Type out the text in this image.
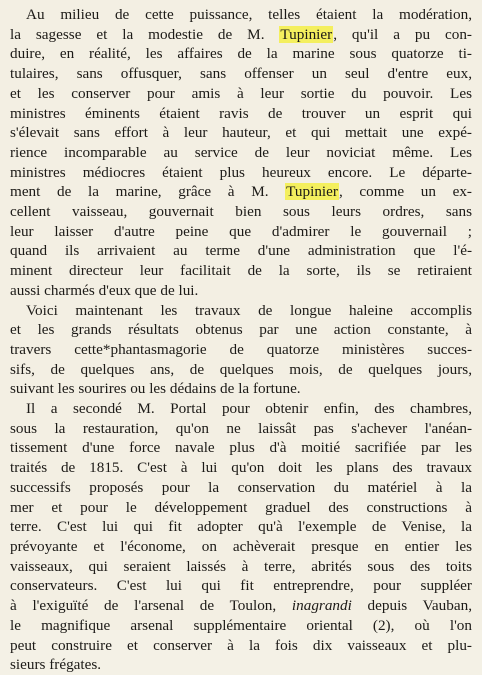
Au milieu de cette puissance, telles étaient la modération,
la sagesse et la modestie de M. Tupinier, qu'il a pu con-
duire, en réalité, les affaires de la marine sous quatorze ti-
tulaires, sans offusquer, sans offenser un seul d'entre eux,
et les conserver pour amis à leur sortie du pouvoir. Les
ministres éminents étaient ravis de trouver un esprit qui
s'élevait sans effort à leur hauteur, et qui mettait une expé-
rience incomparable au service de leur noviciat même. Les
ministres médiocres étaient plus heureux encore. Le départe-
ment de la marine, grâce à M. Tupinier, comme un ex-
cellent vaisseau, gouvernait bien sous leurs ordres, sans
leur laisser d'autre peine que d'admirer le gouvernail ;
quand ils arrivaient au terme d'une administration que l'é-
minent directeur leur facilitait de la sorte, ils se retiraient
aussi charmés d'eux que de lui.
Voici maintenant les travaux de longue haleine accomplis
et les grands résultats obtenus par une action constante, à
travers cette*phantasmagorie de quatorze ministères succes-
sifs, de quelques ans, de quelques mois, de quelques jours,
suivant les sourires ou les dédains de la fortune.
Il a secondé M. Portal pour obtenir enfin, des chambres,
sous la restauration, qu'on ne laissât pas s'achever l'anéan-
tissement d'une force navale plus d'à moitié sacrifiée par les
traités de 1815. C'est à lui qu'on doit les plans des travaux
successifs proposés pour la conservation du matériel à la
mer et pour le développement graduel des constructions à
terre. C'est lui qui fit adopter qu'à l'exemple de Venise, la
prévoyante et l'économe, on achèverait presque en entier les
vaisseaux, qui seraient laissés à terre, abrités sous des toits
conservateurs. C'est lui qui fit entreprendre, pour suppléer
à l'exiguïté de l'arsenal de Toulon, inagrandi depuis Vauban,
le magnifique arsenal supplémentaire oriental (2), où l'on
peut construire et conserver à la fois dix vaisseaux et plu-
sieurs frégates.
